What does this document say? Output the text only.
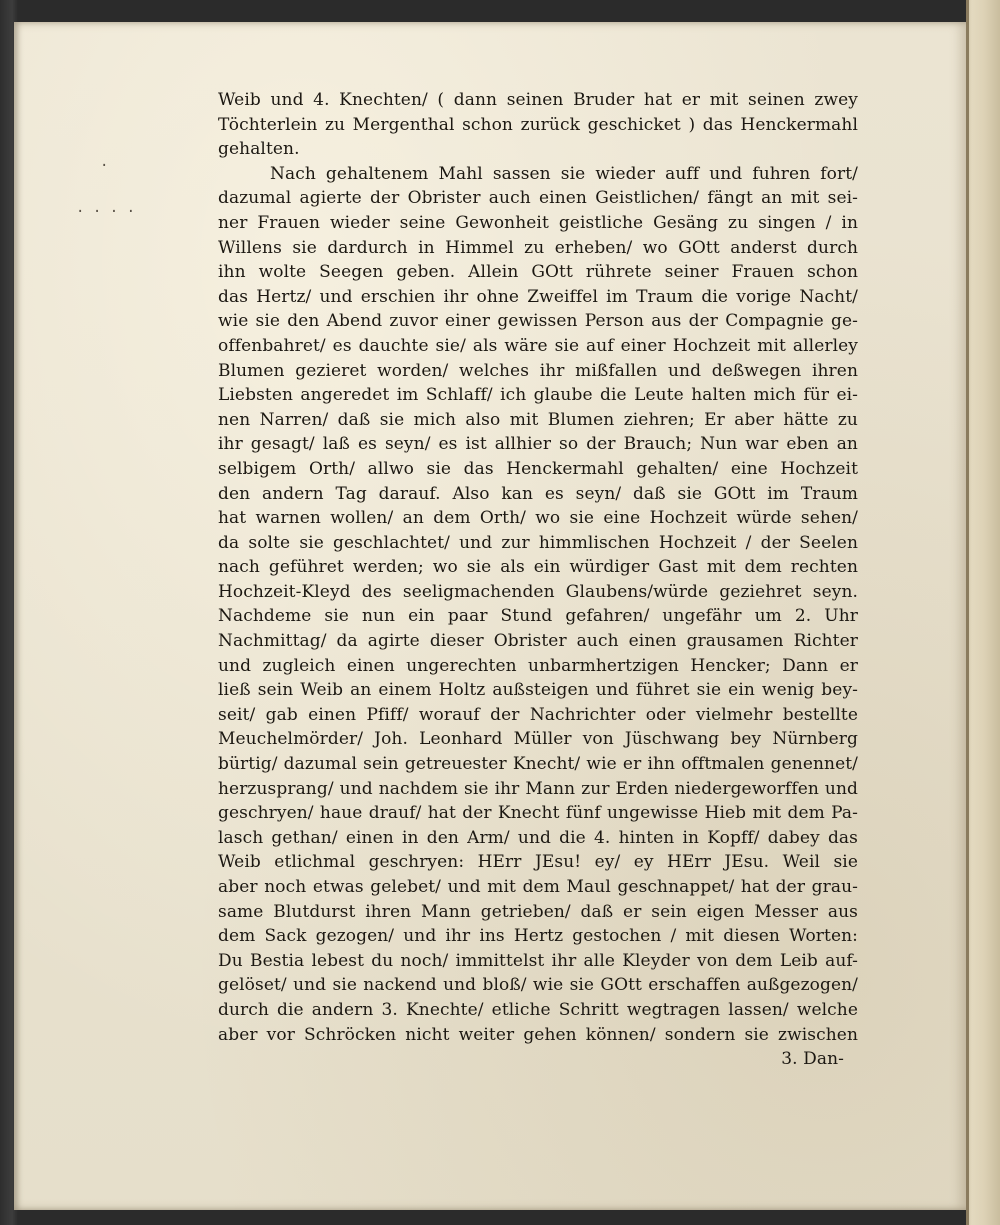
·
· · · ·
Weib und 4. Knechten/ ( dann seinen Bruder hat er mit seinen zwey
Töchterlein zu Mergenthal schon zurück geschicket ) das Henckermahl
gehalten.
Nach gehaltenem Mahl sassen sie wieder auff und fuhren fort/
dazumal agierte der Obrister auch einen Geistlichen/ fängt an mit sei-
ner Frauen wieder seine Gewonheit geistliche Gesäng zu singen / in
Willens sie dardurch in Himmel zu erheben/ wo GOtt anderst durch
ihn wolte Seegen geben. Allein GOtt rührete seiner Frauen schon
das Hertz/ und erschien ihr ohne Zweiffel im Traum die vorige Nacht/
wie sie den Abend zuvor einer gewissen Person aus der Compagnie ge-
offenbahret/ es dauchte sie/ als wäre sie auf einer Hochzeit mit allerley
Blumen gezieret worden/ welches ihr mißfallen und deßwegen ihren
Liebsten angeredet im Schlaff/ ich glaube die Leute halten mich für ei-
nen Narren/ daß sie mich also mit Blumen ziehren; Er aber hätte zu
ihr gesagt/ laß es seyn/ es ist allhier so der Brauch; Nun war eben an
selbigem Orth/ allwo sie das Henckermahl gehalten/ eine Hochzeit
den andern Tag darauf. Also kan es seyn/ daß sie GOtt im Traum
hat warnen wollen/ an dem Orth/ wo sie eine Hochzeit würde sehen/
da solte sie geschlachtet/ und zur himmlischen Hochzeit / der Seelen
nach geführet werden; wo sie als ein würdiger Gast mit dem rechten
Hochzeit-Kleyd des seeligmachenden Glaubens/würde geziehret seyn.
Nachdeme sie nun ein paar Stund gefahren/ ungefähr um 2. Uhr
Nachmittag/ da agirte dieser Obrister auch einen grausamen Richter
und zugleich einen ungerechten unbarmhertzigen Hencker; Dann er
ließ sein Weib an einem Holtz außsteigen und führet sie ein wenig bey-
seit/ gab einen Pfiff/ worauf der Nachrichter oder vielmehr bestellte
Meuchelmörder/ Joh. Leonhard Müller von Jüschwang bey Nürnberg
bürtig/ dazumal sein getreuester Knecht/ wie er ihn offtmalen genennet/
herzusprang/ und nachdem sie ihr Mann zur Erden niedergeworffen und
geschryen/ haue drauf/ hat der Knecht fünf ungewisse Hieb mit dem Pa-
lasch gethan/ einen in den Arm/ und die 4. hinten in Kopff/ dabey das
Weib etlichmal geschryen: HErr JEsu! ey/ ey HErr JEsu. Weil sie
aber noch etwas gelebet/ und mit dem Maul geschnappet/ hat der grau-
same Blutdurst ihren Mann getrieben/ daß er sein eigen Messer aus
dem Sack gezogen/ und ihr ins Hertz gestochen / mit diesen Worten:
Du Bestia lebest du noch/ immittelst ihr alle Kleyder von dem Leib auf-
gelöset/ und sie nackend und bloß/ wie sie GOtt erschaffen außgezogen/
durch die andern 3. Knechte/ etliche Schritt wegtragen lassen/ welche
aber vor Schröcken nicht weiter gehen können/ sondern sie zwischen
3. Dan-
